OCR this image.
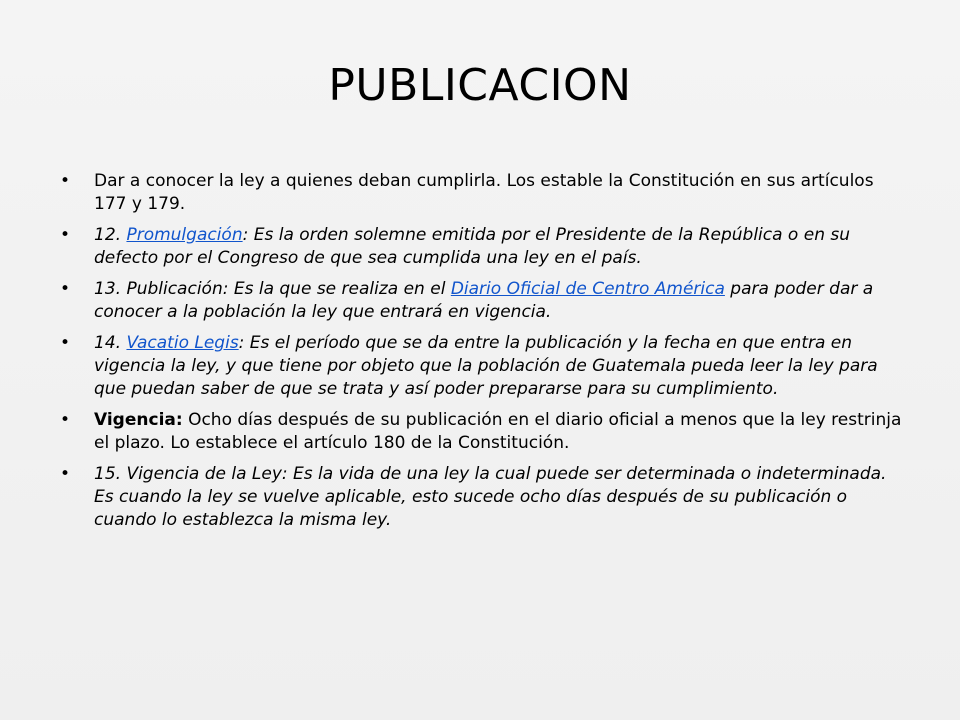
PUBLICACION
• Dar a conocer la ley a quienes deban cumplirla. Los estable la Constitución en sus artículos 177 y 179.
• 12. Promulgación: Es la orden solemne emitida por el Presidente de la República o en su defecto por el Congreso de que sea cumplida una ley en el país.
• 13. Publicación: Es la que se realiza en el Diario Oficial de Centro América para poder dar a conocer a la población la ley que entrará en vigencia.
• 14. Vacatio Legis: Es el período que se da entre la publicación y la fecha en que entra en vigencia la ley, y que tiene por objeto que la población de Guatemala pueda leer la ley para que puedan saber de que se trata y así poder prepararse para su cumplimiento.
• Vigencia: Ocho días después de su publicación en el diario oficial a menos que la ley restrinja el plazo. Lo establece el artículo 180 de la Constitución.
• 15. Vigencia de la Ley: Es la vida de una ley la cual puede ser determinada o indeterminada. Es cuando la ley se vuelve aplicable, esto sucede ocho días después de su publicación o cuando lo establezca la misma ley.
